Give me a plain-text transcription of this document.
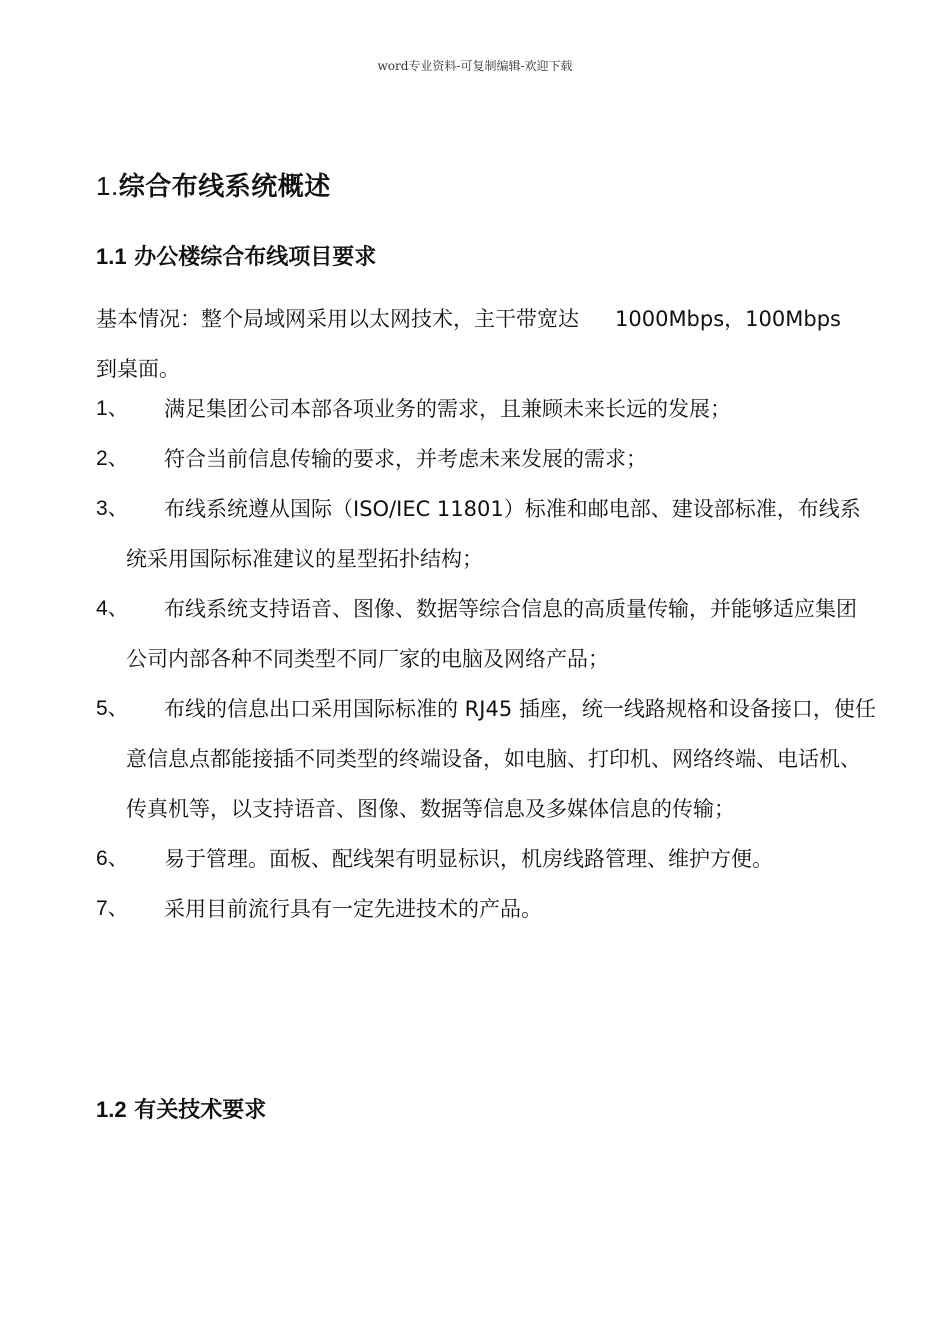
word专业资料-可复制编辑-欢迎下载
1.综合布线系统概述
1.1 办公楼综合布线项目要求
基本情况：整个局域网采用以太网技术，主干带宽达 1000Mbps，100Mbps 到桌面。
1、	满足集团公司本部各项业务的需求，且兼顾未来长远的发展；
2、	符合当前信息传输的要求，并考虑未来发展的需求；
3、	布线系统遵从国际（ISO/IEC 11801）标准和邮电部、建设部标准，布线系统采用国际标准建议的星型拓扑结构；
4、	布线系统支持语音、图像、数据等综合信息的高质量传输，并能够适应集团公司内部各种不同类型不同厂家的电脑及网络产品；
5、	布线的信息出口采用国际标准的 RJ45 插座，统一线路规格和设备接口，使任意信息点都能接插不同类型的终端设备，如电脑、打印机、网络终端、电话机、传真机等，以支持语音、图像、数据等信息及多媒体信息的传输；
6、	易于管理。面板、配线架有明显标识，机房线路管理、维护方便。
7、	采用目前流行具有一定先进技术的产品。
1.2 有关技术要求
